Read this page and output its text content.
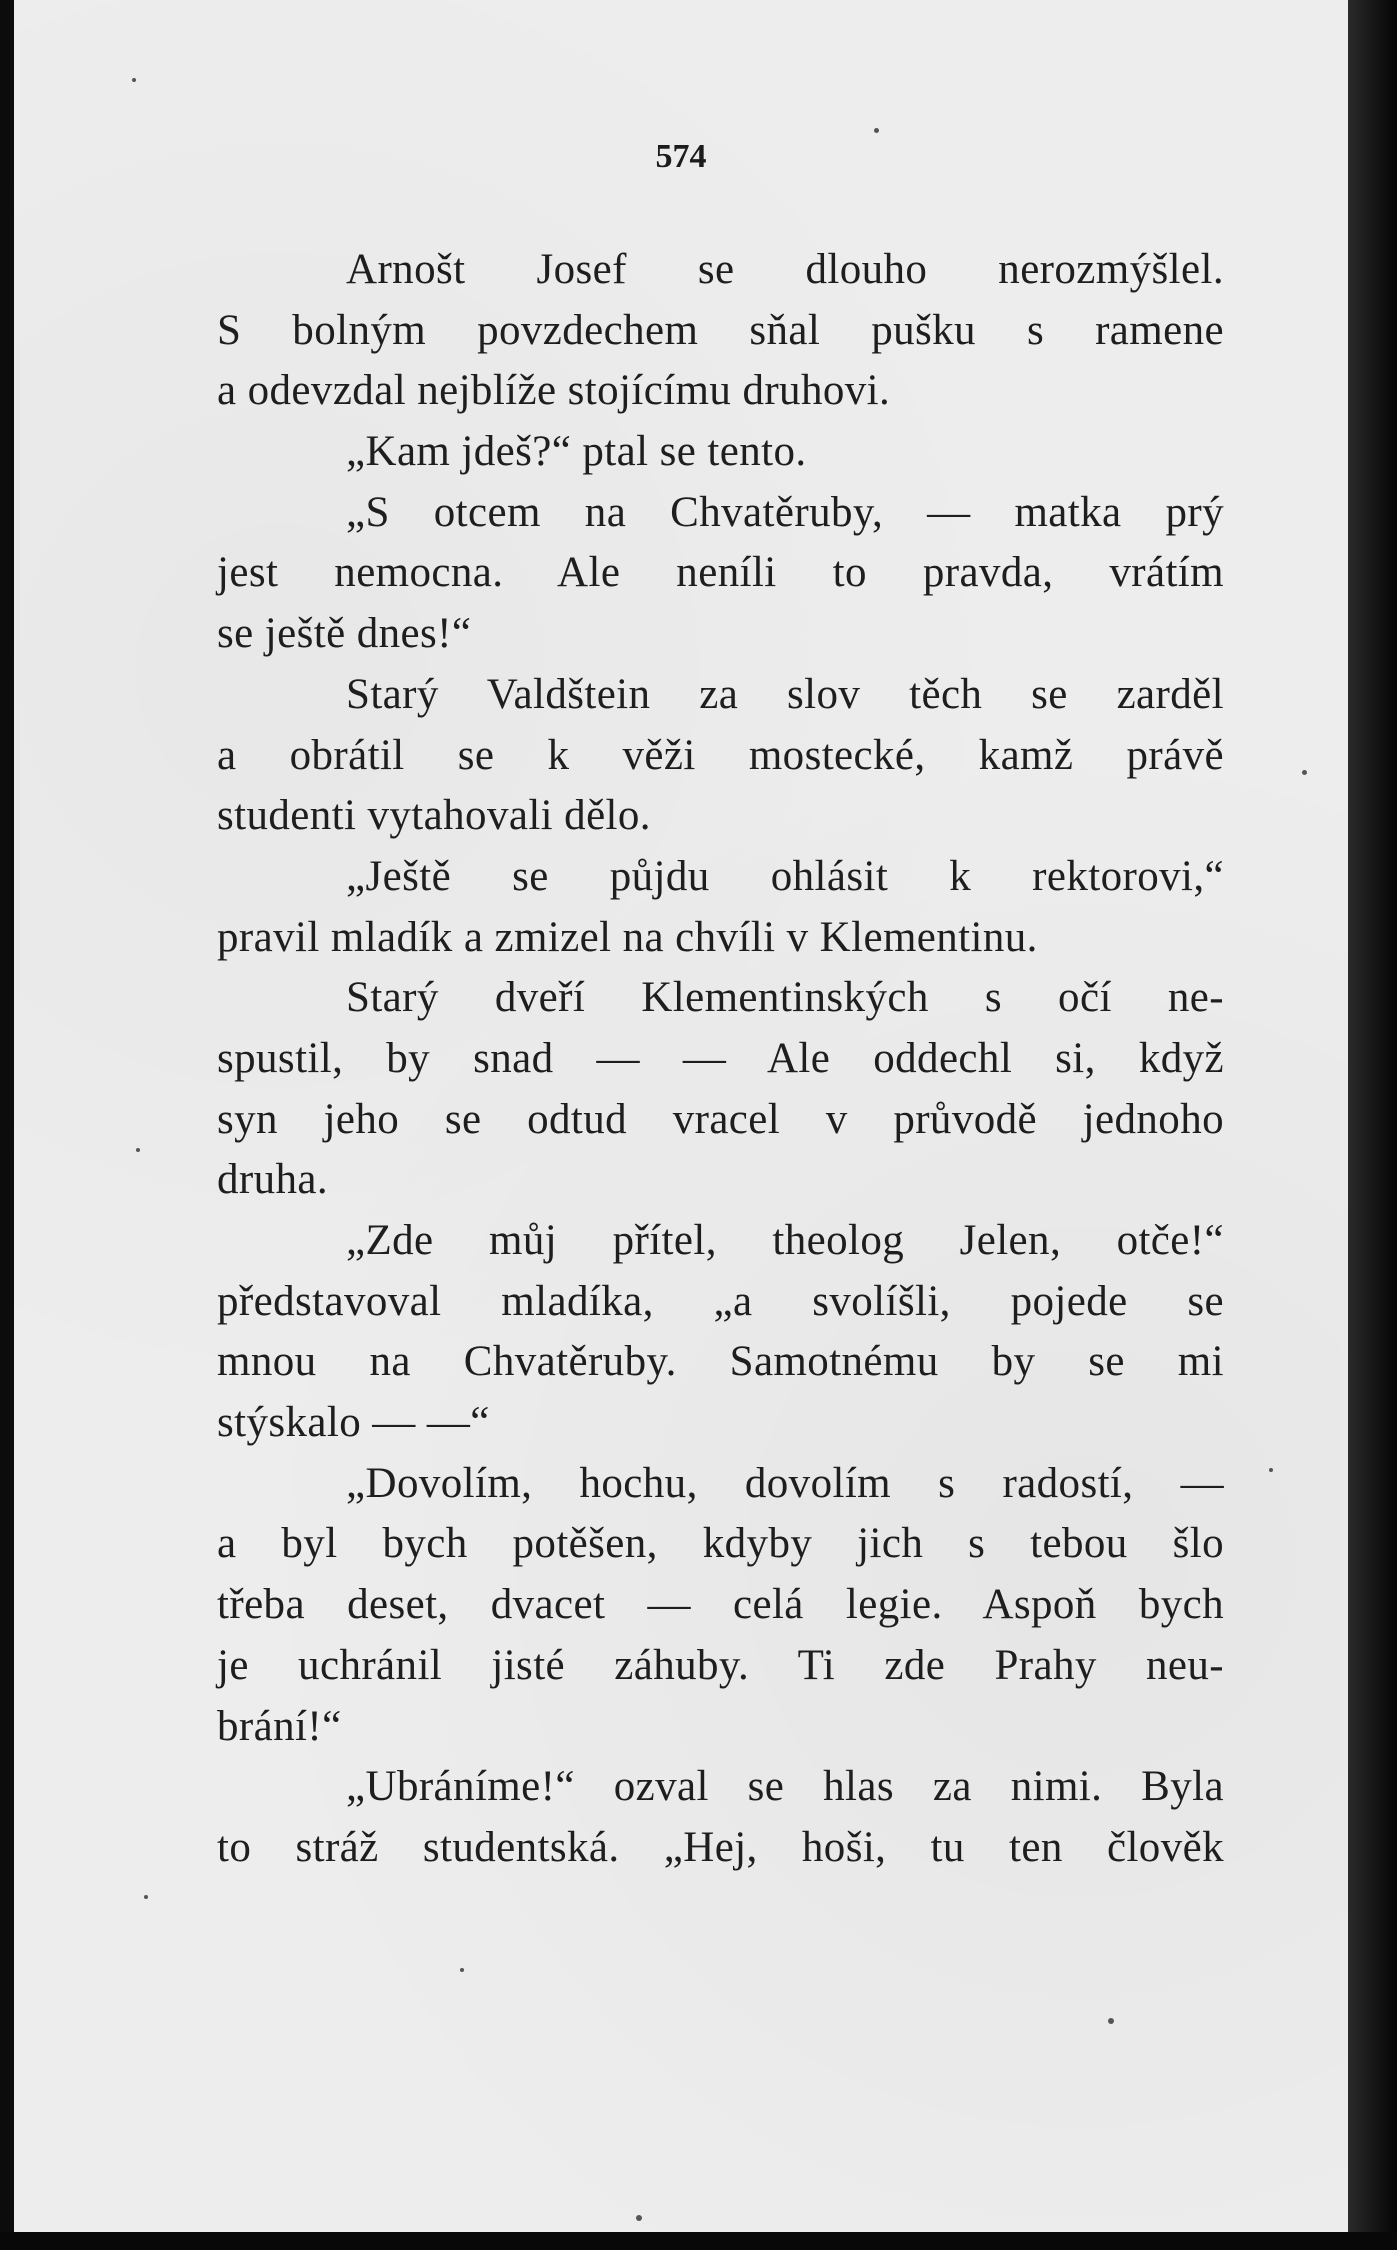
574
Arnošt Josef se dlouho nerozmýšlel.
S bolným povzdechem sňal pušku s ramene
a odevzdal nejblíže stojícímu druhovi.
„Kam jdeš?“ ptal se tento.
„S otcem na Chvatěruby, — matka prý
jest nemocna. Ale neníli to pravda, vrátím
se ještě dnes!“
Starý Valdštein za slov těch se zarděl
a obrátil se k věži mostecké, kamž právě
studenti vytahovali dělo.
„Ještě se půjdu ohlásit k rektorovi,“
pravil mladík a zmizel na chvíli v Klementinu.
Starý dveří Klementinských s očí ne-
spustil, by snad — — Ale oddechl si, když
syn jeho se odtud vracel v průvodě jednoho
druha.
„Zde můj přítel, theolog Jelen, otče!“
představoval mladíka, „a svolíšli, pojede se
mnou na Chvatěruby. Samotnému by se mi
stýskalo — —“
„Dovolím, hochu, dovolím s radostí, —
a byl bych potěšen, kdyby jich s tebou šlo
třeba deset, dvacet — celá legie. Aspoň bych
je uchránil jisté záhuby. Ti zde Prahy neu-
brání!“
„Ubráníme!“ ozval se hlas za nimi. Byla
to stráž studentská. „Hej, hoši, tu ten člověk
